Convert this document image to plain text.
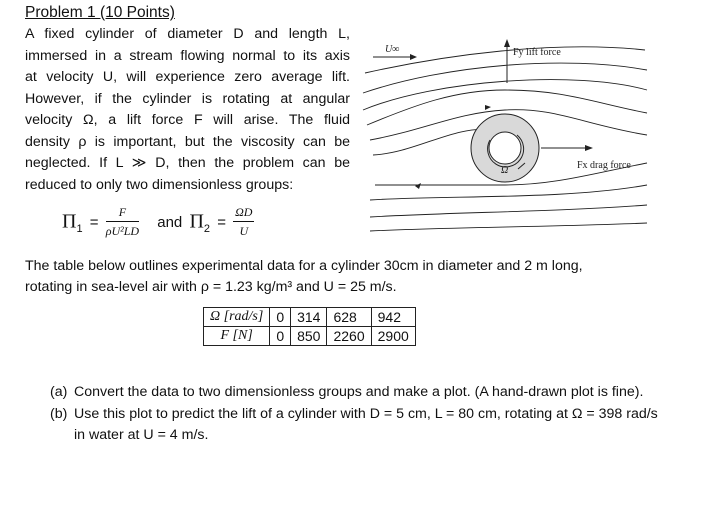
Problem 1 (10 Points)
A fixed cylinder of diameter D and length L,
immersed in a stream flowing normal to its axis
at velocity U, will experience zero average lift.
However, if the cylinder is rotating at angular
velocity Ω, a lift force F will arise. The fluid
density ρ is important, but the viscosity can be
neglected. If L ≫ D, then the problem can be
reduced to only two dimensionless groups:
$\Pi_1 = \frac{F}{\text{ρU²LD}}$ and $\Pi_2 = \frac{\Omega D}{U}$
U∞	Fy lift force
Ω	Fx drag force
The table below outlines experimental data for a cylinder 30cm in diameter and 2 m long,
rotating in sea-level air with ρ = 1.23 kg/m³ and U = 25 m/s.
Ω [rad/s]	0	314	628	942
F [N]	0	850	2260	2900
(a) Convert the data to two dimensionless groups and make a plot. (A hand-drawn plot is fine).
(b) Use this plot to predict the lift of a cylinder with D = 5 cm, L = 80 cm, rotating at Ω = 398 rad/s in water at U = 4 m/s.
